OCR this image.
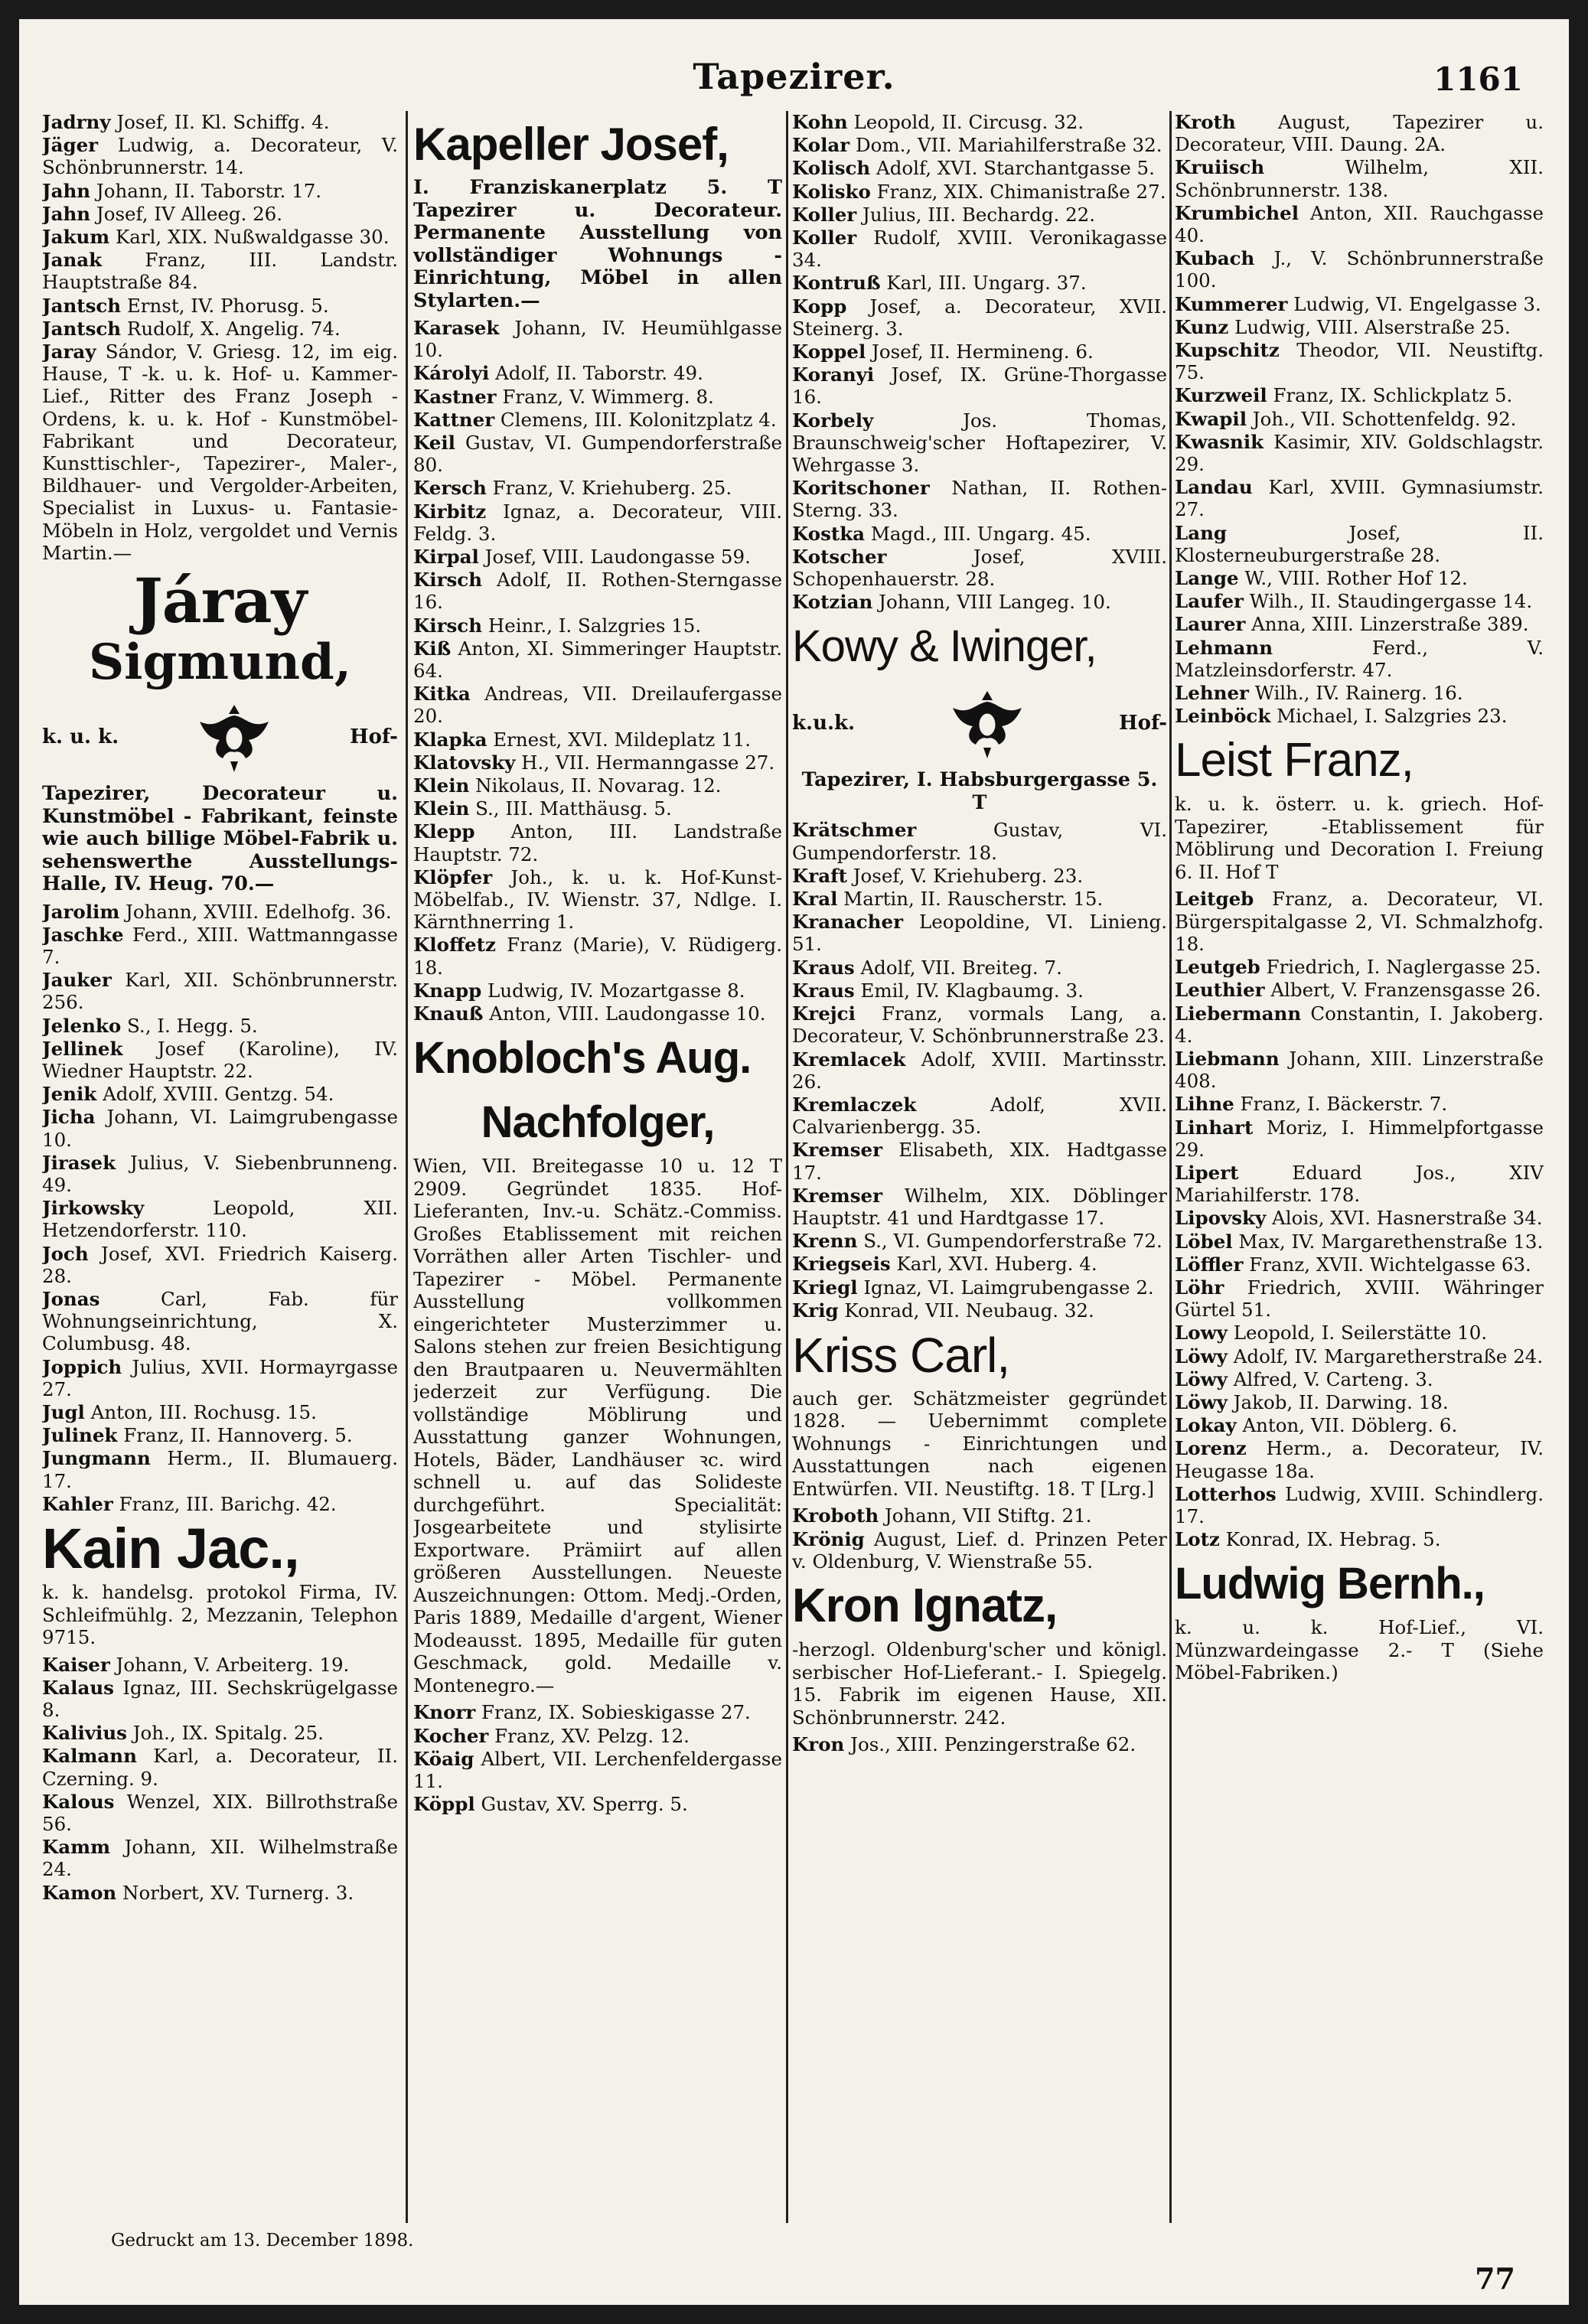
Tapezirer.	1161
Jadrny Josef, II. Kl. Schiffg. 4.
Jäger Ludwig, a. Decorateur, V. Schönbrunnerstr. 14.
Jahn Johann, II. Taborstr. 17.
Jahn Josef, IV Alleeg. 26.
Jakum Karl, XIX. Nußwaldgasse 30.
Janak Franz, III. Landstr. Hauptstraße 84.
Jantsch Ernst, IV. Phorusg. 5.
Jantsch Rudolf, X. Angelig. 74.
Jaray Sándor, V. Griesg. 12, im eig. Hause, T -k. u. k. Hof- u. Kammer-Lief., Ritter des Franz Joseph - Ordens, k. u. k. Hof - Kunstmöbel-Fabrikant und Decorateur, Kunsttischler-, Tapezirer-, Maler-, Bildhauer- und Vergolder-Arbeiten, Specialist in Luxus- u. Fantasie-Möbeln in Holz, vergoldet und Vernis Martin.—
Járay
Sigmund,
k. u. k.	Hof-
Tapezirer, Decorateur u. Kunstmöbel - Fabrikant, feinste wie auch billige Möbel-Fabrik u. sehenswerthe Ausstellungs-Halle, IV. Heug. 70.—
Jarolim Johann, XVIII. Edelhofg. 36.
Jaschke Ferd., XIII. Wattmanngasse 7.
Jauker Karl, XII. Schönbrunnerstr. 256.
Jelenko S., I. Hegg. 5.
Jellinek Josef (Karoline), IV. Wiedner Hauptstr. 22.
Jenik Adolf, XVIII. Gentzg. 54.
Jicha Johann, VI. Laimgrubengasse 10.
Jirasek Julius, V. Siebenbrunneng. 49.
Jirkowsky Leopold, XII. Hetzendorferstr. 110.
Joch Josef, XVI. Friedrich Kaiserg. 28.
Jonas Carl, Fab. für Wohnungseinrichtung, X. Columbusg. 48.
Joppich Julius, XVII. Hormayrgasse 27.
Jugl Anton, III. Rochusg. 15.
Julinek Franz, II. Hannoverg. 5.
Jungmann Herm., II. Blumauerg. 17.
Kahler Franz, III. Barichg. 42.
Kain Jac.,
k. k. handelsg. protokol Firma, IV. Schleifmühlg. 2, Mezzanin, Telephon 9715.
Kaiser Johann, V. Arbeiterg. 19.
Kalaus Ignaz, III. Sechskrügelgasse 8.
Kalivius Joh., IX. Spitalg. 25.
Kalmann Karl, a. Decorateur, II. Czerning. 9.
Kalous Wenzel, XIX. Billrothstraße 56.
Kamm Johann, XII. Wilhelmstraße 24.
Kamon Norbert, XV. Turnerg. 3.
Kapeller Josef,
I. Franziskanerplatz 5. T Tapezirer u. Decorateur. Permanente Ausstellung von vollständiger Wohnungs - Einrichtung, Möbel in allen Stylarten.—
Karasek Johann, IV. Heumühlgasse 10.
Károlyi Adolf, II. Taborstr. 49.
Kastner Franz, V. Wimmerg. 8.
Kattner Clemens, III. Kolonitzplatz 4.
Keil Gustav, VI. Gumpendorferstraße 80.
Kersch Franz, V. Kriehuberg. 25.
Kirbitz Ignaz, a. Decorateur, VIII. Feldg. 3.
Kirpal Josef, VIII. Laudongasse 59.
Kirsch Adolf, II. Rothen-Sterngasse 16.
Kirsch Heinr., I. Salzgries 15.
Kiß Anton, XI. Simmeringer Hauptstr. 64.
Kitka Andreas, VII. Dreilaufergasse 20.
Klapka Ernest, XVI. Mildeplatz 11.
Klatovsky H., VII. Hermanngasse 27.
Klein Nikolaus, II. Novarag. 12.
Klein S., III. Matthäusg. 5.
Klepp Anton, III. Landstraße Hauptstr. 72.
Klöpfer Joh., k. u. k. Hof-Kunst-Möbelfab., IV. Wienstr. 37, Ndlge. I. Kärnthnerring 1.
Kloffetz Franz (Marie), V. Rüdigerg. 18.
Knapp Ludwig, IV. Mozartgasse 8.
Knauß Anton, VIII. Laudongasse 10.
Knobloch's Aug.
Nachfolger,
Wien, VII. Breitegasse 10 u. 12 T 2909. Gegründet 1835. Hof-Lieferanten, Inv.-u. Schätz.-Commiss. Großes Etablissement mit reichen Vorräthen aller Arten Tischler- und Tapezirer - Möbel. Permanente Ausstellung vollkommen eingerichteter Musterzimmer u. Salons stehen zur freien Besichtigung den Brautpaaren u. Neuvermählten jederzeit zur Verfügung. Die vollständige Möblirung und Ausstattung ganzer Wohnungen, Hotels, Bäder, Landhäuser ꝛc. wird schnell u. auf das Solideste durchgeführt. Specialität: Josgearbeitete und stylisirte Exportware. Prämiirt auf allen größeren Ausstellungen. Neueste Auszeichnungen: Ottom. Medj.-Orden, Paris 1889, Medaille d'argent, Wiener Modeausst. 1895, Medaille für guten Geschmack, gold. Medaille v. Montenegro.—
Knorr Franz, IX. Sobieskigasse 27.
Kocher Franz, XV. Pelzg. 12.
Köaig Albert, VII. Lerchenfeldergasse 11.
Köppl Gustav, XV. Sperrg. 5.
Kohn Leopold, II. Circusg. 32.
Kolar Dom., VII. Mariahilferstraße 32.
Kolisch Adolf, XVI. Starchantgasse 5.
Kolisko Franz, XIX. Chimanistraße 27.
Koller Julius, III. Bechardg. 22.
Koller Rudolf, XVIII. Veronikagasse 34.
Kontruß Karl, III. Ungarg. 37.
Kopp Josef, a. Decorateur, XVII. Steinerg. 3.
Koppel Josef, II. Hermineng. 6.
Koranyi Josef, IX. Grüne-Thorgasse 16.
Korbely Jos. Thomas, Braunschweig'scher Hoftapezirer, V. Wehrgasse 3.
Koritschoner Nathan, II. Rothen-Sterng. 33.
Kostka Magd., III. Ungarg. 45.
Kotscher Josef, XVIII. Schopenhauerstr. 28.
Kotzian Johann, VIII Langeg. 10.
Kowy & Iwinger,
k.u.k.	Hof-
Tapezirer, I. Habsburgergasse 5. T
Krätschmer Gustav, VI. Gumpendorferstr. 18.
Kraft Josef, V. Kriehuberg. 23.
Kral Martin, II. Rauscherstr. 15.
Kranacher Leopoldine, VI. Linieng. 51.
Kraus Adolf, VII. Breiteg. 7.
Kraus Emil, IV. Klagbaumg. 3.
Krejci Franz, vormals Lang, a. Decorateur, V. Schönbrunnerstraße 23.
Kremlacek Adolf, XVIII. Martinsstr. 26.
Kremlaczek Adolf, XVII. Calvarienbergg. 35.
Kremser Elisabeth, XIX. Hadtgasse 17.
Kremser Wilhelm, XIX. Döblinger Hauptstr. 41 und Hardtgasse 17.
Krenn S., VI. Gumpendorferstraße 72.
Kriegseis Karl, XVI. Huberg. 4.
Kriegl Ignaz, VI. Laimgrubengasse 2.
Krig Konrad, VII. Neubaug. 32.
Kriss Carl,
auch ger. Schätzmeister gegründet 1828. — Uebernimmt complete Wohnungs - Einrichtungen und Ausstattungen nach eigenen Entwürfen. VII. Neustiftg. 18. T [Lrg.]
Kroboth Johann, VII Stiftg. 21.
Krönig August, Lief. d. Prinzen Peter v. Oldenburg, V. Wienstraße 55.
Kron Ignatz,
-herzogl. Oldenburg'scher und königl. serbischer Hof-Lieferant.- I. Spiegelg. 15. Fabrik im eigenen Hause, XII. Schönbrunnerstr. 242.
Kron Jos., XIII. Penzingerstraße 62.
Kroth August, Tapezirer u. Decorateur, VIII. Daung. 2A.
Kruiisch Wilhelm, XII. Schönbrunnerstr. 138.
Krumbichel Anton, XII. Rauchgasse 40.
Kubach J., V. Schönbrunnerstraße 100.
Kummerer Ludwig, VI. Engelgasse 3.
Kunz Ludwig, VIII. Alserstraße 25.
Kupschitz Theodor, VII. Neustiftg. 75.
Kurzweil Franz, IX. Schlickplatz 5.
Kwapil Joh., VII. Schottenfeldg. 92.
Kwasnik Kasimir, XIV. Goldschlagstr. 29.
Landau Karl, XVIII. Gymnasiumstr. 27.
Lang Josef, II. Klosterneuburgerstraße 28.
Lange W., VIII. Rother Hof 12.
Laufer Wilh., II. Staudingergasse 14.
Laurer Anna, XIII. Linzerstraße 389.
Lehmann Ferd., V. Matzleinsdorferstr. 47.
Lehner Wilh., IV. Rainerg. 16.
Leinböck Michael, I. Salzgries 23.
Leist Franz,
k. u. k. österr. u. k. griech. Hof-Tapezirer, -Etablissement für Möblirung und Decoration I. Freiung 6. II. Hof T
Leitgeb Franz, a. Decorateur, VI. Bürgerspitalgasse 2, VI. Schmalzhofg. 18.
Leutgeb Friedrich, I. Naglergasse 25.
Leuthier Albert, V. Franzensgasse 26.
Liebermann Constantin, I. Jakoberg. 4.
Liebmann Johann, XIII. Linzerstraße 408.
Lihne Franz, I. Bäckerstr. 7.
Linhart Moriz, I. Himmelpfortgasse 29.
Lipert Eduard Jos., XIV Mariahilferstr. 178.
Lipovsky Alois, XVI. Hasnerstraße 34.
Löbel Max, IV. Margarethenstraße 13.
Löffler Franz, XVII. Wichtelgasse 63.
Löhr Friedrich, XVIII. Währinger Gürtel 51.
Lowy Leopold, I. Seilerstätte 10.
Löwy Adolf, IV. Margaretherstraße 24.
Löwy Alfred, V. Carteng. 3.
Löwy Jakob, II. Darwing. 18.
Lokay Anton, VII. Döblerg. 6.
Lorenz Herm., a. Decorateur, IV. Heugasse 18a.
Lotterhos Ludwig, XVIII. Schindlerg. 17.
Lotz Konrad, IX. Hebrag. 5.
Ludwig Bernh.,
k. u. k. Hof-Lief., VI. Münzwardeingasse 2.- T (Siehe Möbel-Fabriken.)
Gedruckt am 13. December 1898.
77
